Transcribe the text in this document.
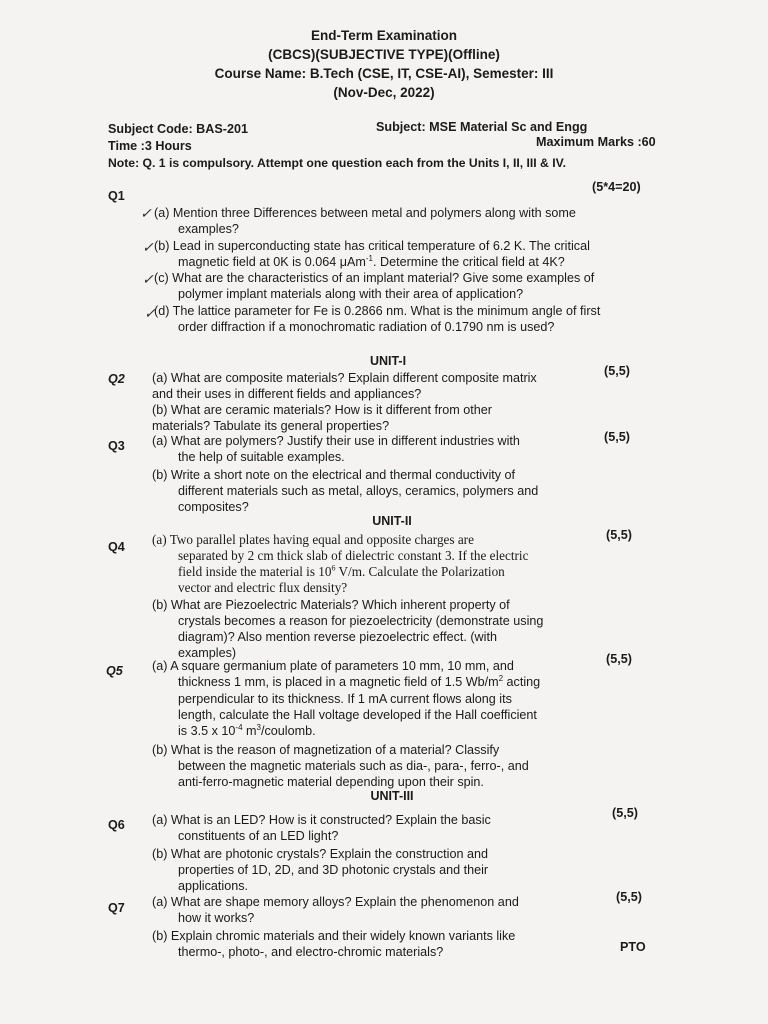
End-Term Examination
(CBCS)(SUBJECTIVE TYPE)(Offline)
Course Name: B.Tech (CSE, IT, CSE-AI), Semester: III
(Nov-Dec, 2022)
Subject Code: BAS-201	Subject: MSE Material Sc and Engg
Maximum Marks :60
Time :3 Hours
Note: Q. 1 is compulsory. Attempt one question each from the Units I, II, III & IV.
Q1
(5*4=20)
✓ (a) Mention three Differences between metal and polymers along with some
examples?
✓ (b) Lead in superconducting state has critical temperature of 6.2 K. The critical
magnetic field at 0K is 0.064 μAm$^{-1}$. Determine the critical field at 4K?
✓ (c) What are the characteristics of an implant material? Give some examples of
polymer implant materials along with their area of application?
✓
(d) The lattice parameter for Fe is 0.2866 nm. What is the minimum angle of first
order diffraction if a monochromatic radiation of 0.1790 nm is used?
UNIT-I
Q2
(5,5)
(a) What are composite materials? Explain different composite matrix
and their uses in different fields and appliances?
(b) What are ceramic materials? How is it different from other
materials? Tabulate its general properties?
Q3
(5,5)
(a) What are polymers? Justify their use in different industries with
the help of suitable examples.
(b) Write a short note on the electrical and thermal conductivity of
different materials such as metal, alloys, ceramics, polymers and
composites?
UNIT-II
Q4
(5,5)
(a) Two parallel plates having equal and opposite charges are
separated by 2 cm thick slab of dielectric constant 3. If the electric
field inside the material is $10^6$ V/m. Calculate the Polarization
vector and electric flux density?
(b) What are Piezoelectric Materials? Which inherent property of
crystals becomes a reason for piezoelectricity (demonstrate using
diagram)? Also mention reverse piezoelectric effect. (with
examples)
Q5
(5,5)
(a) A square germanium plate of parameters 10 mm, 10 mm, and
thickness 1 mm, is placed in a magnetic field of 1.5 $Wb/m^2$ acting
perpendicular to its thickness. If 1 mA current flows along its
length, calculate the Hall voltage developed if the Hall coefficient
is 3.5 x $10^{-4}$ $m^3$/coulomb.
(b) What is the reason of magnetization of a material? Classify
between the magnetic materials such as dia-, para-, ferro-, and
anti-ferro-magnetic material depending upon their spin.
UNIT-III
Q6
(5,5)
(a) What is an LED? How is it constructed? Explain the basic
constituents of an LED light?
(b) What are photonic crystals? Explain the construction and
properties of 1D, 2D, and 3D photonic crystals and their
applications.
Q7
(5,5)
(a) What are shape memory alloys? Explain the phenomenon and
how it works?
(b) Explain chromic materials and their widely known variants like
thermo-, photo-, and electro-chromic materials?	PTO
